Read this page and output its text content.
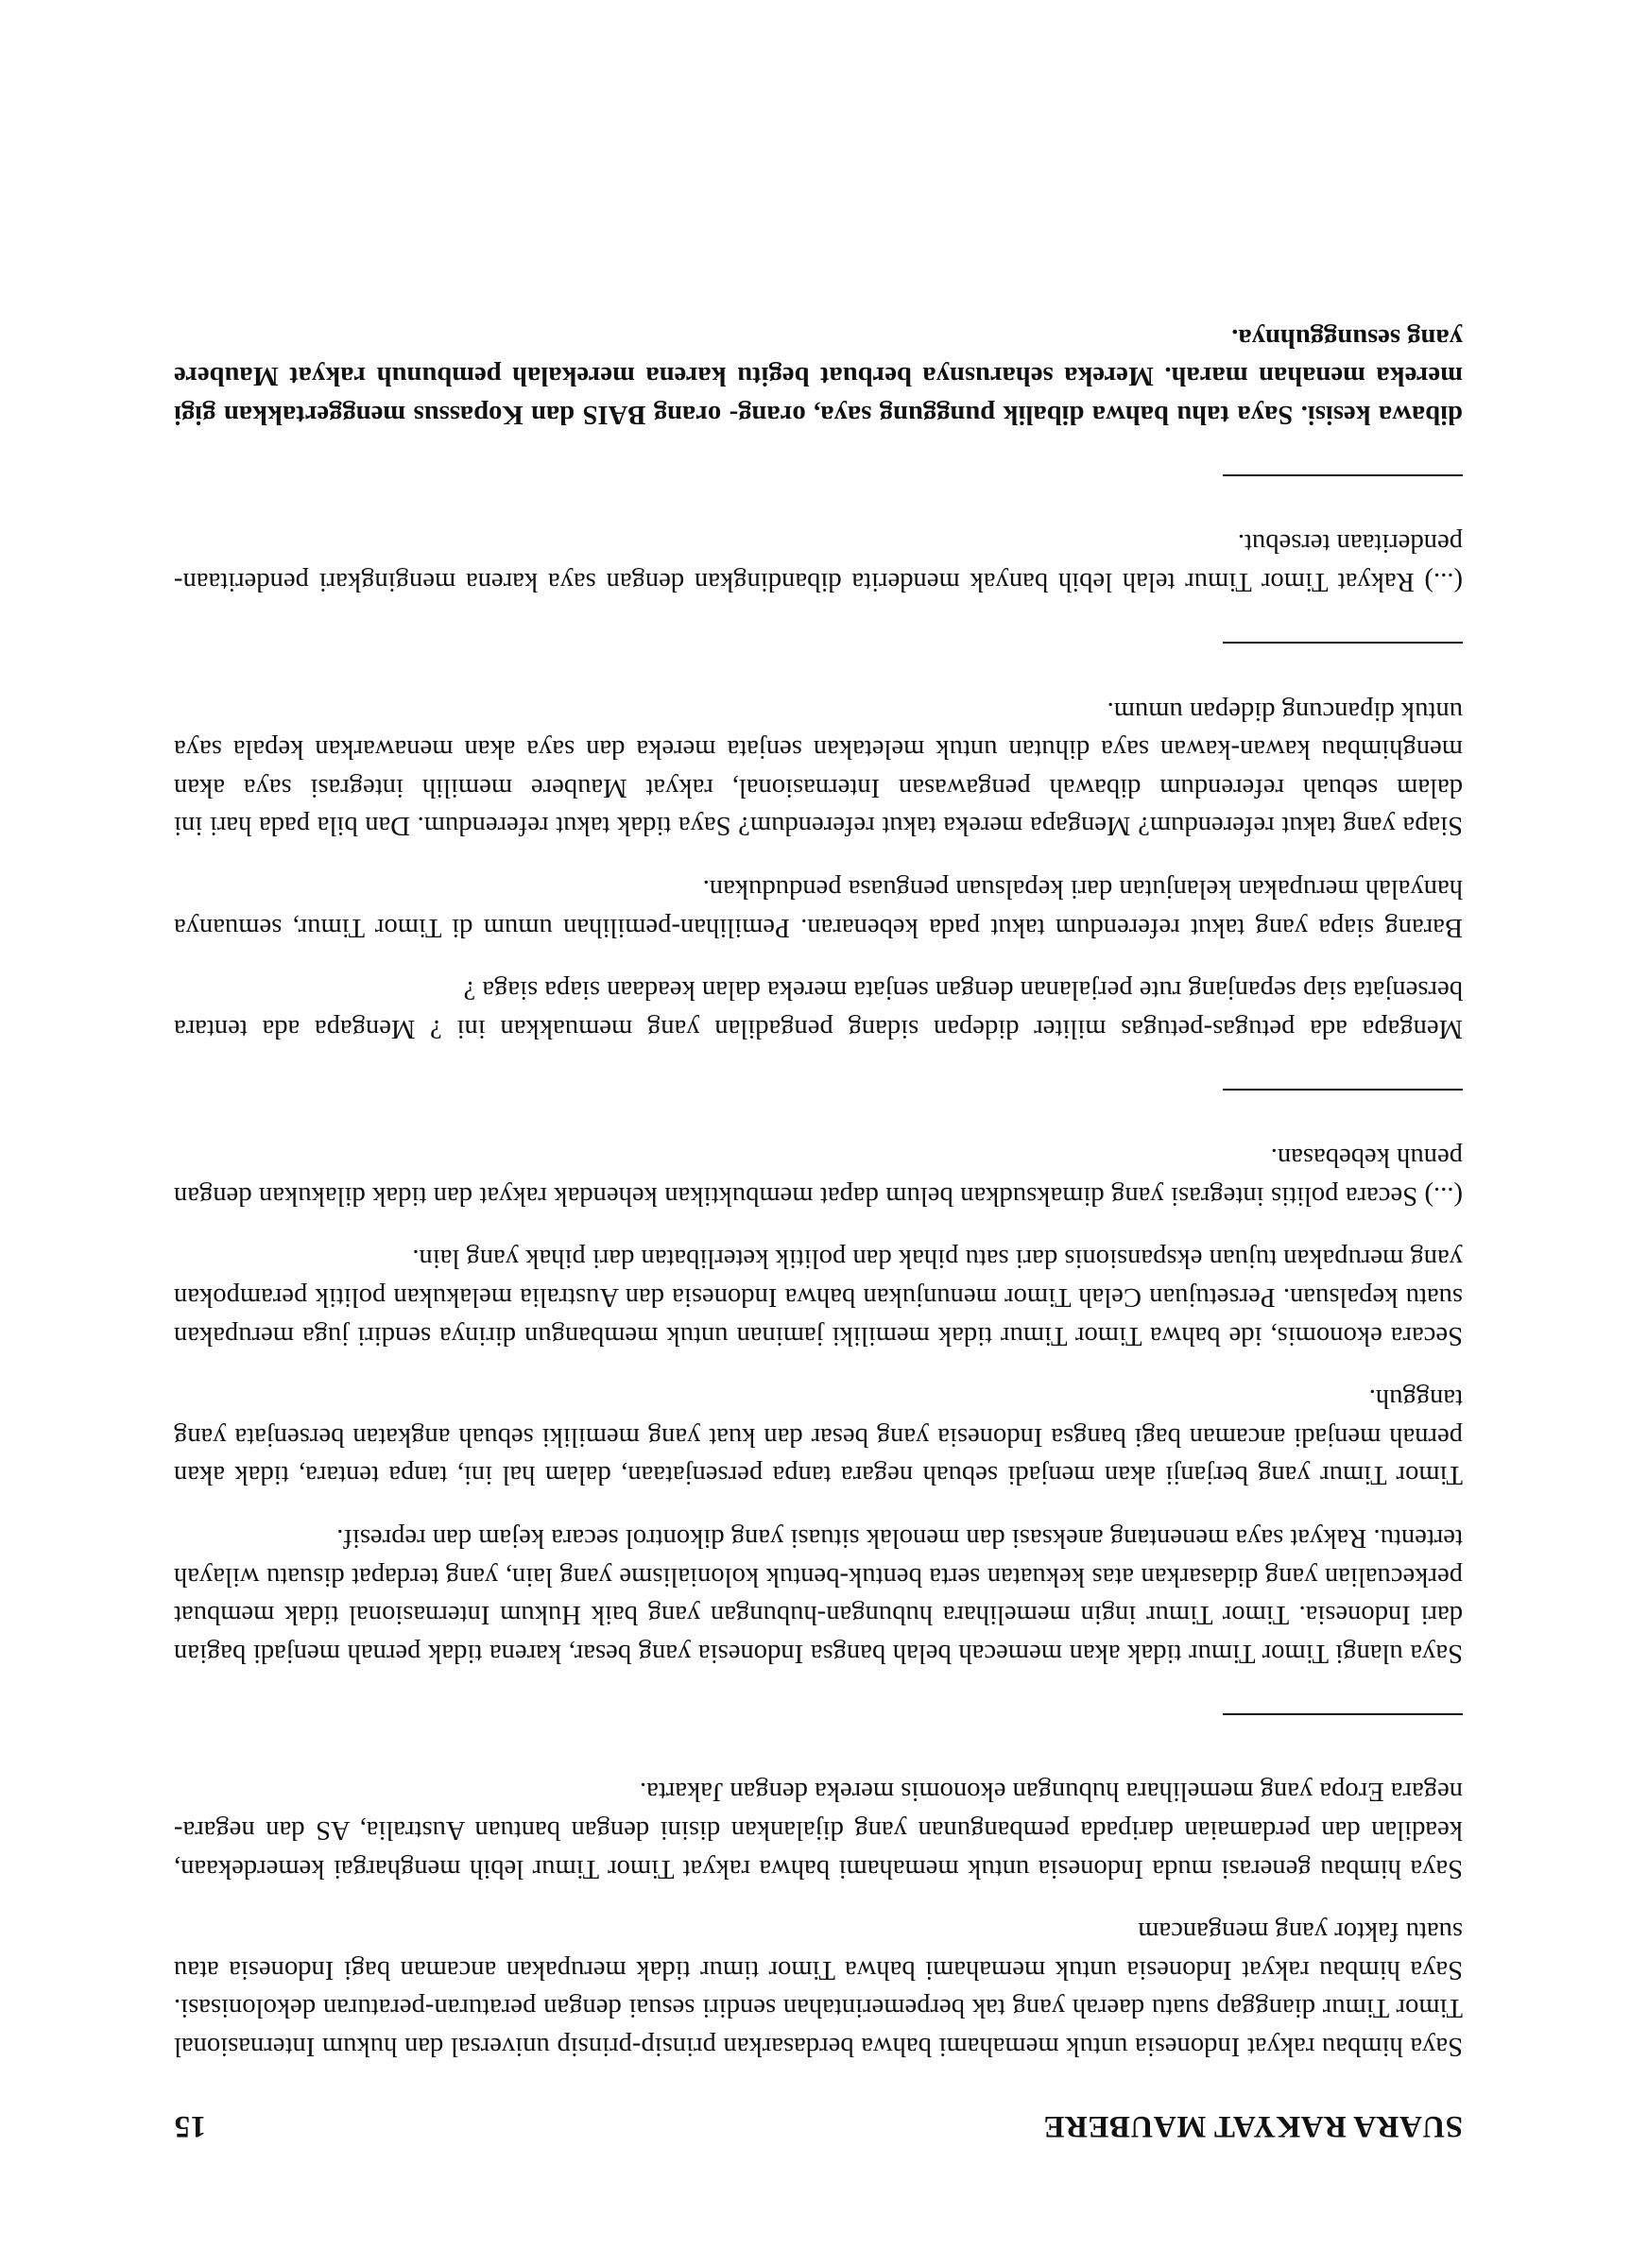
SUARA RAKYAT MAUBERE
15

Saya himbau rakyat Indonesia untuk memahami bahwa berdasarkan prinsip-prinsip universal dan hukum Internasional Timor Timur dianggap suatu daerah yang tak berpemerintahan sendiri sesuai dengan peraturan-peraturan dekolonisasi. Saya himbau rakyat Indonesia untuk memahami bahwa Timor timur tidak merupakan ancaman bagi Indonesia atau suatu faktor yang mengancam

Saya himbau generasi muda Indonesia untuk memahami bahwa rakyat Timor Timur lebih menghargai kemerdekaan, keadilan dan perdamaian daripada pembangunan yang dijalankan disini dengan bantuan Australia, AS dan negara-negara Eropa yang memelihara hubungan ekonomis mereka dengan Jakarta.

Saya ulangi Timor Timur tidak akan memecah belah bangsa Indonesia yang besar, karena tidak pernah menjadi bagian dari Indonesia. Timor Timur ingin memelihara hubungan-hubungan yang baik Hukum Internasional tidak membuat perkecualian yang didasarkan atas kekuatan serta bentuk-bentuk kolonialisme yang lain, yang terdapat disuatu wilayah tertentu. Rakyat saya menentang aneksasi dan menolak situasi yang dikontrol secara kejam dan represif.

Timor Timur yang berjanji akan menjadi sebuah negara tanpa persenjataan, dalam hal ini, tanpa tentara, tidak akan pernah menjadi ancaman bagi bangsa Indonesia yang besar dan kuat yang memiliki sebuah angkatan bersenjata yang tangguh.

Secara ekonomis, ide bahwa Timor Timur tidak memiliki jaminan untuk membangun dirinya sendiri juga merupakan suatu kepalsuan. Persetujuan Celah Timor menunjukan bahwa Indonesia dan Australia melakukan politik perampokan yang merupakan tujuan ekspansionis dari satu pihak dan politik keterlibatan dari pihak yang lain.

(...) Secara politis integrasi yang dimaksudkan belum dapat membuktikan kehendak rakyat dan tidak dilakukan dengan penuh kebebasan.

Mengapa ada petugas-petugas militer didepan sidang pengadilan yang memuakkan ini ? Mengapa ada tentara bersenjata siap sepanjang rute perjalanan dengan senjata mereka dalan keadaan siapa siaga ?

Barang siapa yang takut referendum takut pada kebenaran. Pemilihan-pemilihan umum di Timor Timur, semuanya hanyalah merupakan kelanjutan dari kepalsuan penguasa pendudukan.

Siapa yang takut referendum? Mengapa mereka takut referendum? Saya tidak takut referendum. Dan bila pada hari ini dalam sebuah referendum dibawah pengawasan Internasional, rakyat Maubere memilih integrasi saya akan menghimbau kawan-kawan saya dihutan untuk meletakan senjata mereka dan saya akan menawarkan kepala saya untuk dipancung didepan umum.

(...) Rakyat Timor Timur telah lebih banyak menderita dibandingkan dengan saya karena mengingkari penderitaan-penderitaan tersebut.

dibawa kesisi. Saya tahu bahwa dibalik punggung saya, orang- orang BAIS dan Kopassus menggertakkan gigi mereka menahan marah. Mereka seharusnya berbuat begitu karena merekalah pembunuh rakyat Maubere yang sesungguhnya.
